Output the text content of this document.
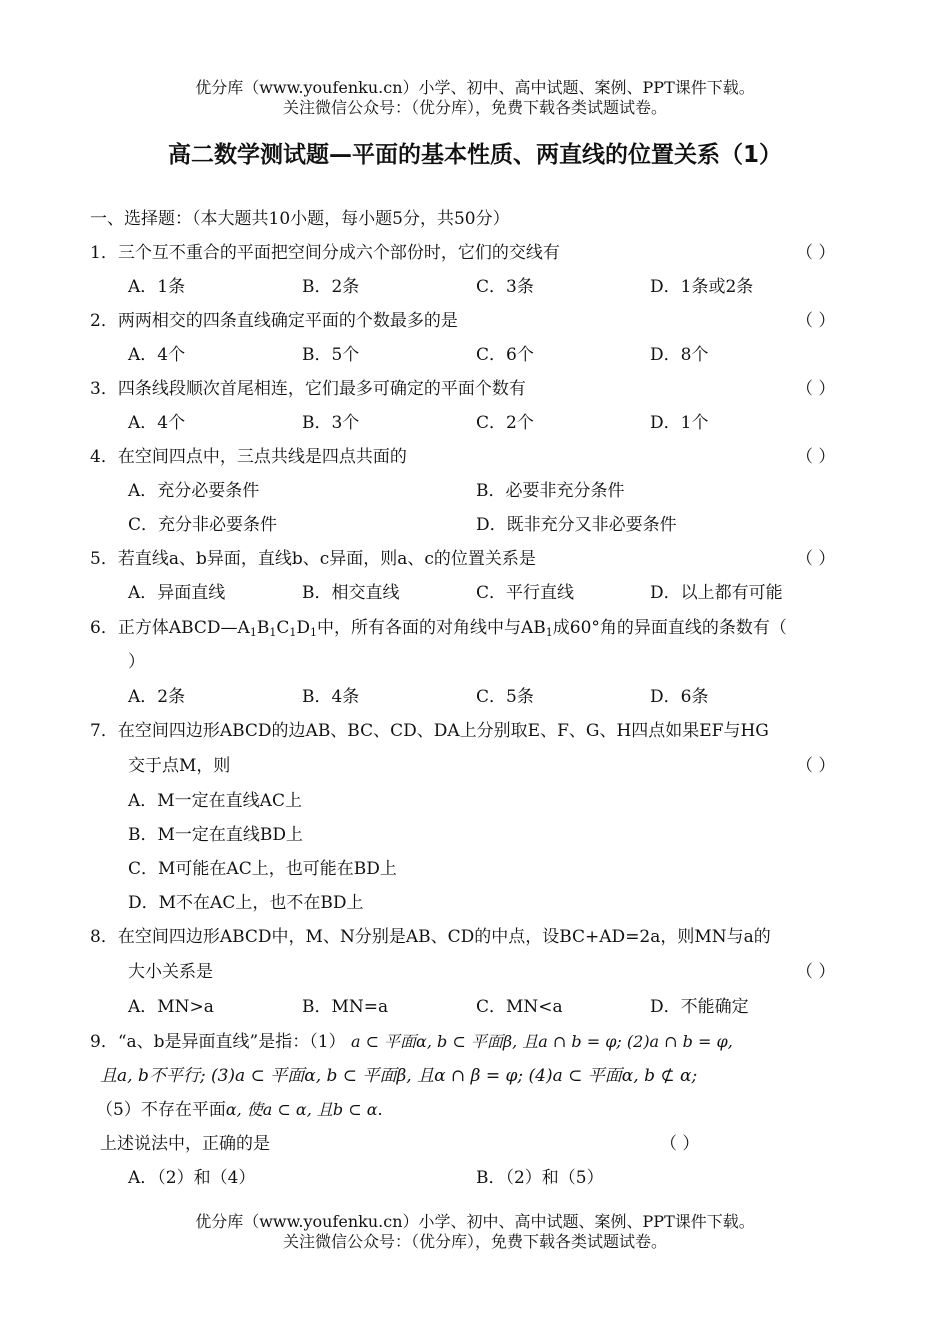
优分库（www.youfenku.cn）小学、初中、高中试题、案例、PPT课件下载。
关注微信公众号：（优分库），免费下载各类试题试卷。
高二数学测试题—平面的基本性质、两直线的位置关系（1）
一、选择题：（本大题共10小题，每小题5分，共50分）
1．三个互不重合的平面把空间分成六个部份时，它们的交线有	（ ）
A．1条	B．2条	C．3条	D．1条或2条
2．两两相交的四条直线确定平面的个数最多的是	（ ）
A．4个	B．5个	C．6个	D．8个
3．四条线段顺次首尾相连，它们最多可确定的平面个数有	（ ）
A．4个	B．3个	C．2个	D．1个
4．在空间四点中，三点共线是四点共面的	（ ）
A．充分必要条件	B．必要非充分条件
C．充分非必要条件	D．既非充分又非必要条件
5．若直线a、b异面，直线b、c异面，则a、c的位置关系是	（ ）
A．异面直线	B．相交直线	C．平行直线	D．以上都有可能
6．正方体$ABCD—A_1B_1C_1D_1$中，所有各面的对角线中与$AB_1$成60°角的异面直线的条数有（
）
A．2条	B．4条	C．5条	D．6条
7．在空间四边形ABCD的边AB、BC、CD、DA上分别取E、F、G、H四点如果EF与HG
交于点M，则	（ ）
A．M一定在直线AC上
B．M一定在直线BD上
C．M可能在AC上，也可能在BD上
D．M不在AC上，也不在BD上
8．在空间四边形ABCD中，M、N分别是AB、CD的中点，设BC+AD=2a，则MN与a的
大小关系是	（ ）
A．MN>a	B．MN=a	C．MN<a	D．不能确定
9．“a、b是异面直线”是指：（1） a ⊂ 平面α, b ⊂ 平面β, 且a ∩ b = φ; (2)a ∩ b = φ,
且a, b不平行; (3)a ⊂ 平面α, b ⊂ 平面β, 且α ∩ β = φ; (4)a ⊂ 平面α, b ⊄ α;
（5）不存在平面α, 使a ⊂ α, 且b ⊂ α.
上述说法中，正确的是	（ ）
A．（2）和（4）	B．（2）和（5）
优分库（www.youfenku.cn）小学、初中、高中试题、案例、PPT课件下载。
关注微信公众号：（优分库），免费下载各类试题试卷。
